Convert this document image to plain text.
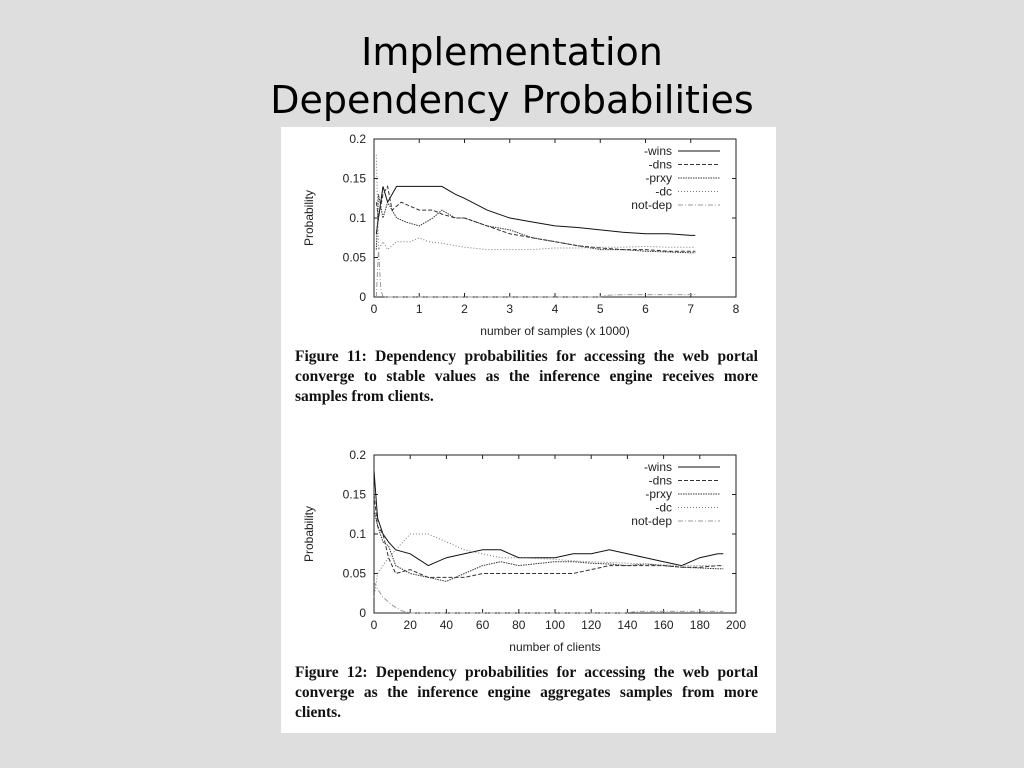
Implementation
Dependency Probabilities
0	1	2	3	4	5	6	7	8
0
0.05
0.1
0.15
0.2
number of samples (x 1000)
Probability
-wins
-dns
-prxy
-dc
not-dep

Figure 11: Dependency probabilities for accessing the web portal converge to stable values as the inference engine receives more samples from clients.

0 20 40 60 80 100 120 140 160 180 200
0
0.05
0.1
0.15
0.2
number of clients
Probability
-wins
-dns
-prxy
-dc
not-dep

Figure 12: Dependency probabilities for accessing the web portal converge as the inference engine aggregates samples from more clients.
